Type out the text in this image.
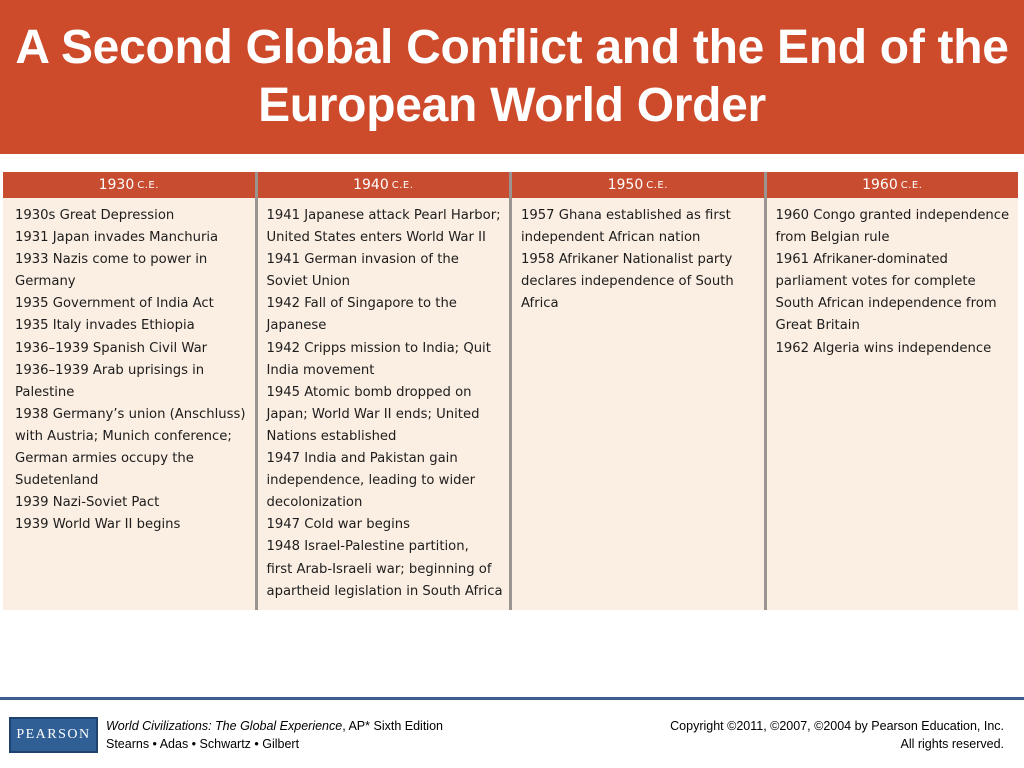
A Second Global Conflict and the End of the European World Order
1930 C.E.
1930s Great Depression
1931 Japan invades Manchuria
1933 Nazis come to power in
Germany
1935 Government of India Act
1935 Italy invades Ethiopia
1936–1939 Spanish Civil War
1936–1939 Arab uprisings in
Palestine
1938 Germany’s union (Anschluss)
with Austria; Munich conference;
German armies occupy the
Sudetenland
1939 Nazi-Soviet Pact
1939 World War II begins
1940 C.E.
1941 Japanese attack Pearl Harbor;
United States enters World War II
1941 German invasion of the
Soviet Union
1942 Fall of Singapore to the
Japanese
1942 Cripps mission to India; Quit
India movement
1945 Atomic bomb dropped on
Japan; World War II ends; United
Nations established
1947 India and Pakistan gain
independence, leading to wider
decolonization
1947 Cold war begins
1948 Israel-Palestine partition,
first Arab-Israeli war; beginning of
apartheid legislation in South Africa
1950 C.E.
1957 Ghana established as first
independent African nation
1958 Afrikaner Nationalist party
declares independence of South
Africa
1960 C.E.
1960 Congo granted independence
from Belgian rule
1961 Afrikaner-dominated
parliament votes for complete
South African independence from
Great Britain
1962 Algeria wins independence
PEARSON
World Civilizations: The Global Experience, AP* Sixth Edition
Stearns • Adas • Schwartz • Gilbert
Copyright ©2011, ©2007, ©2004 by Pearson Education, Inc.
All rights reserved.
